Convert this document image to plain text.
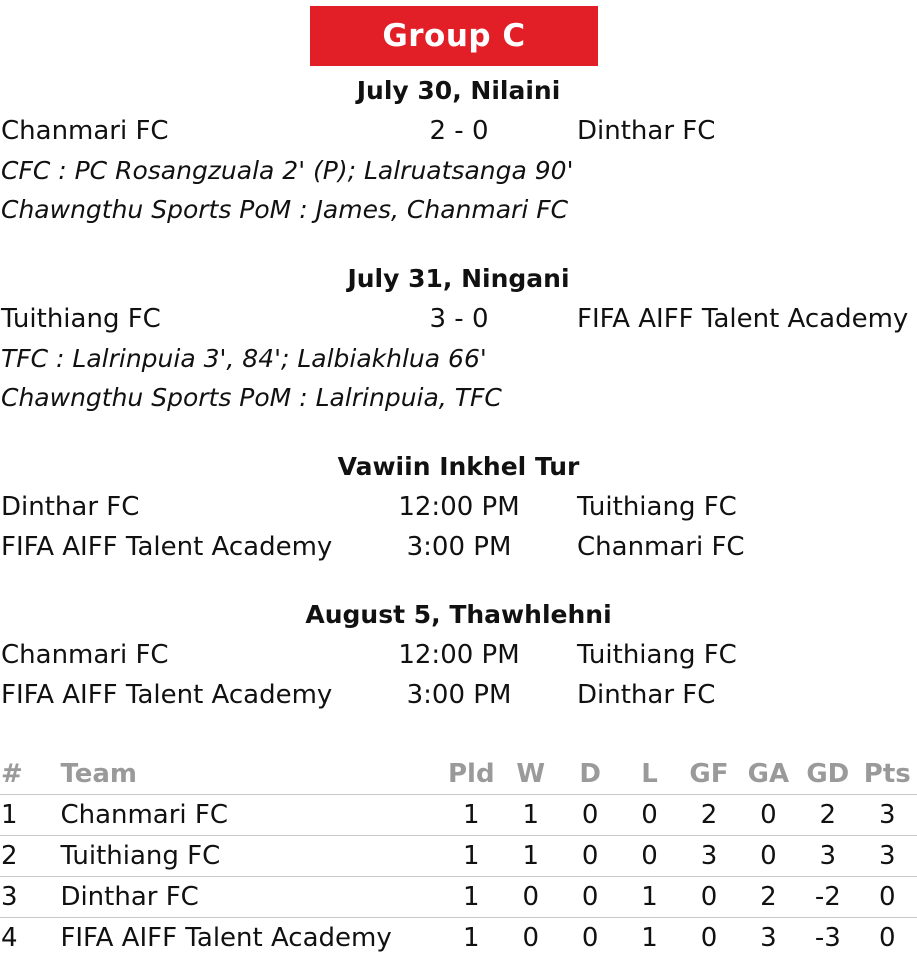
Group C
July 30, Nilaini
Chanmari FC	2 - 0	Dinthar FC
CFC : PC Rosangzuala 2' (P); Lalruatsanga 90'
Chawngthu Sports PoM : James, Chanmari FC
July 31, Ningani
Tuithiang FC	3 - 0	FIFA AIFF Talent Academy
TFC : Lalrinpuia 3', 84'; Lalbiakhlua 66'
Chawngthu Sports PoM : Lalrinpuia, TFC
Vawiin Inkhel Tur
Dinthar FC	12:00 PM Tuithiang FC
FIFA AIFF Talent Academy	3:00 PM	Chanmari FC
August 5, Thawhlehni
Chanmari FC	12:00 PM Tuithiang FC
FIFA AIFF Talent Academy	3:00 PM	Dinthar FC
#	Team	Pld	W	D	L	GF	GA	GD	Pts
1	Chanmari FC	1	1	0	0	2	0	2	3
2	Tuithiang FC	1	1	0	0	3	0	3	3
3	Dinthar FC	1	0	0	1	0	2	-2	0
4	FIFA AIFF Talent Academy	1	0	0	1	0	3	-3	0
